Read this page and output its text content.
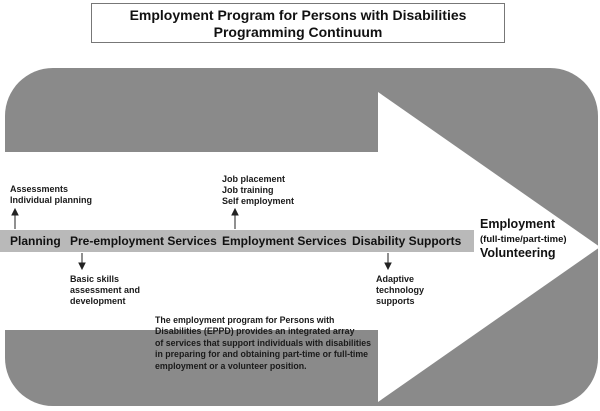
Employment Program for Persons with Disabilities
Programming Continuum
Assessments
Individual planning
Job placement
Job training
Self employment
Planning Pre-employment Services Employment Services Disability Supports
Basic skills
assessment and
development
Adaptive
technology
supports
Employment
(full-time/part-time)
Volunteering
The employment program for Persons with
Disabilities (EPPD) provides an integrated array
of services that support individuals with disabilities
in preparing for and obtaining part-time or full-time
employment or a volunteer position.
